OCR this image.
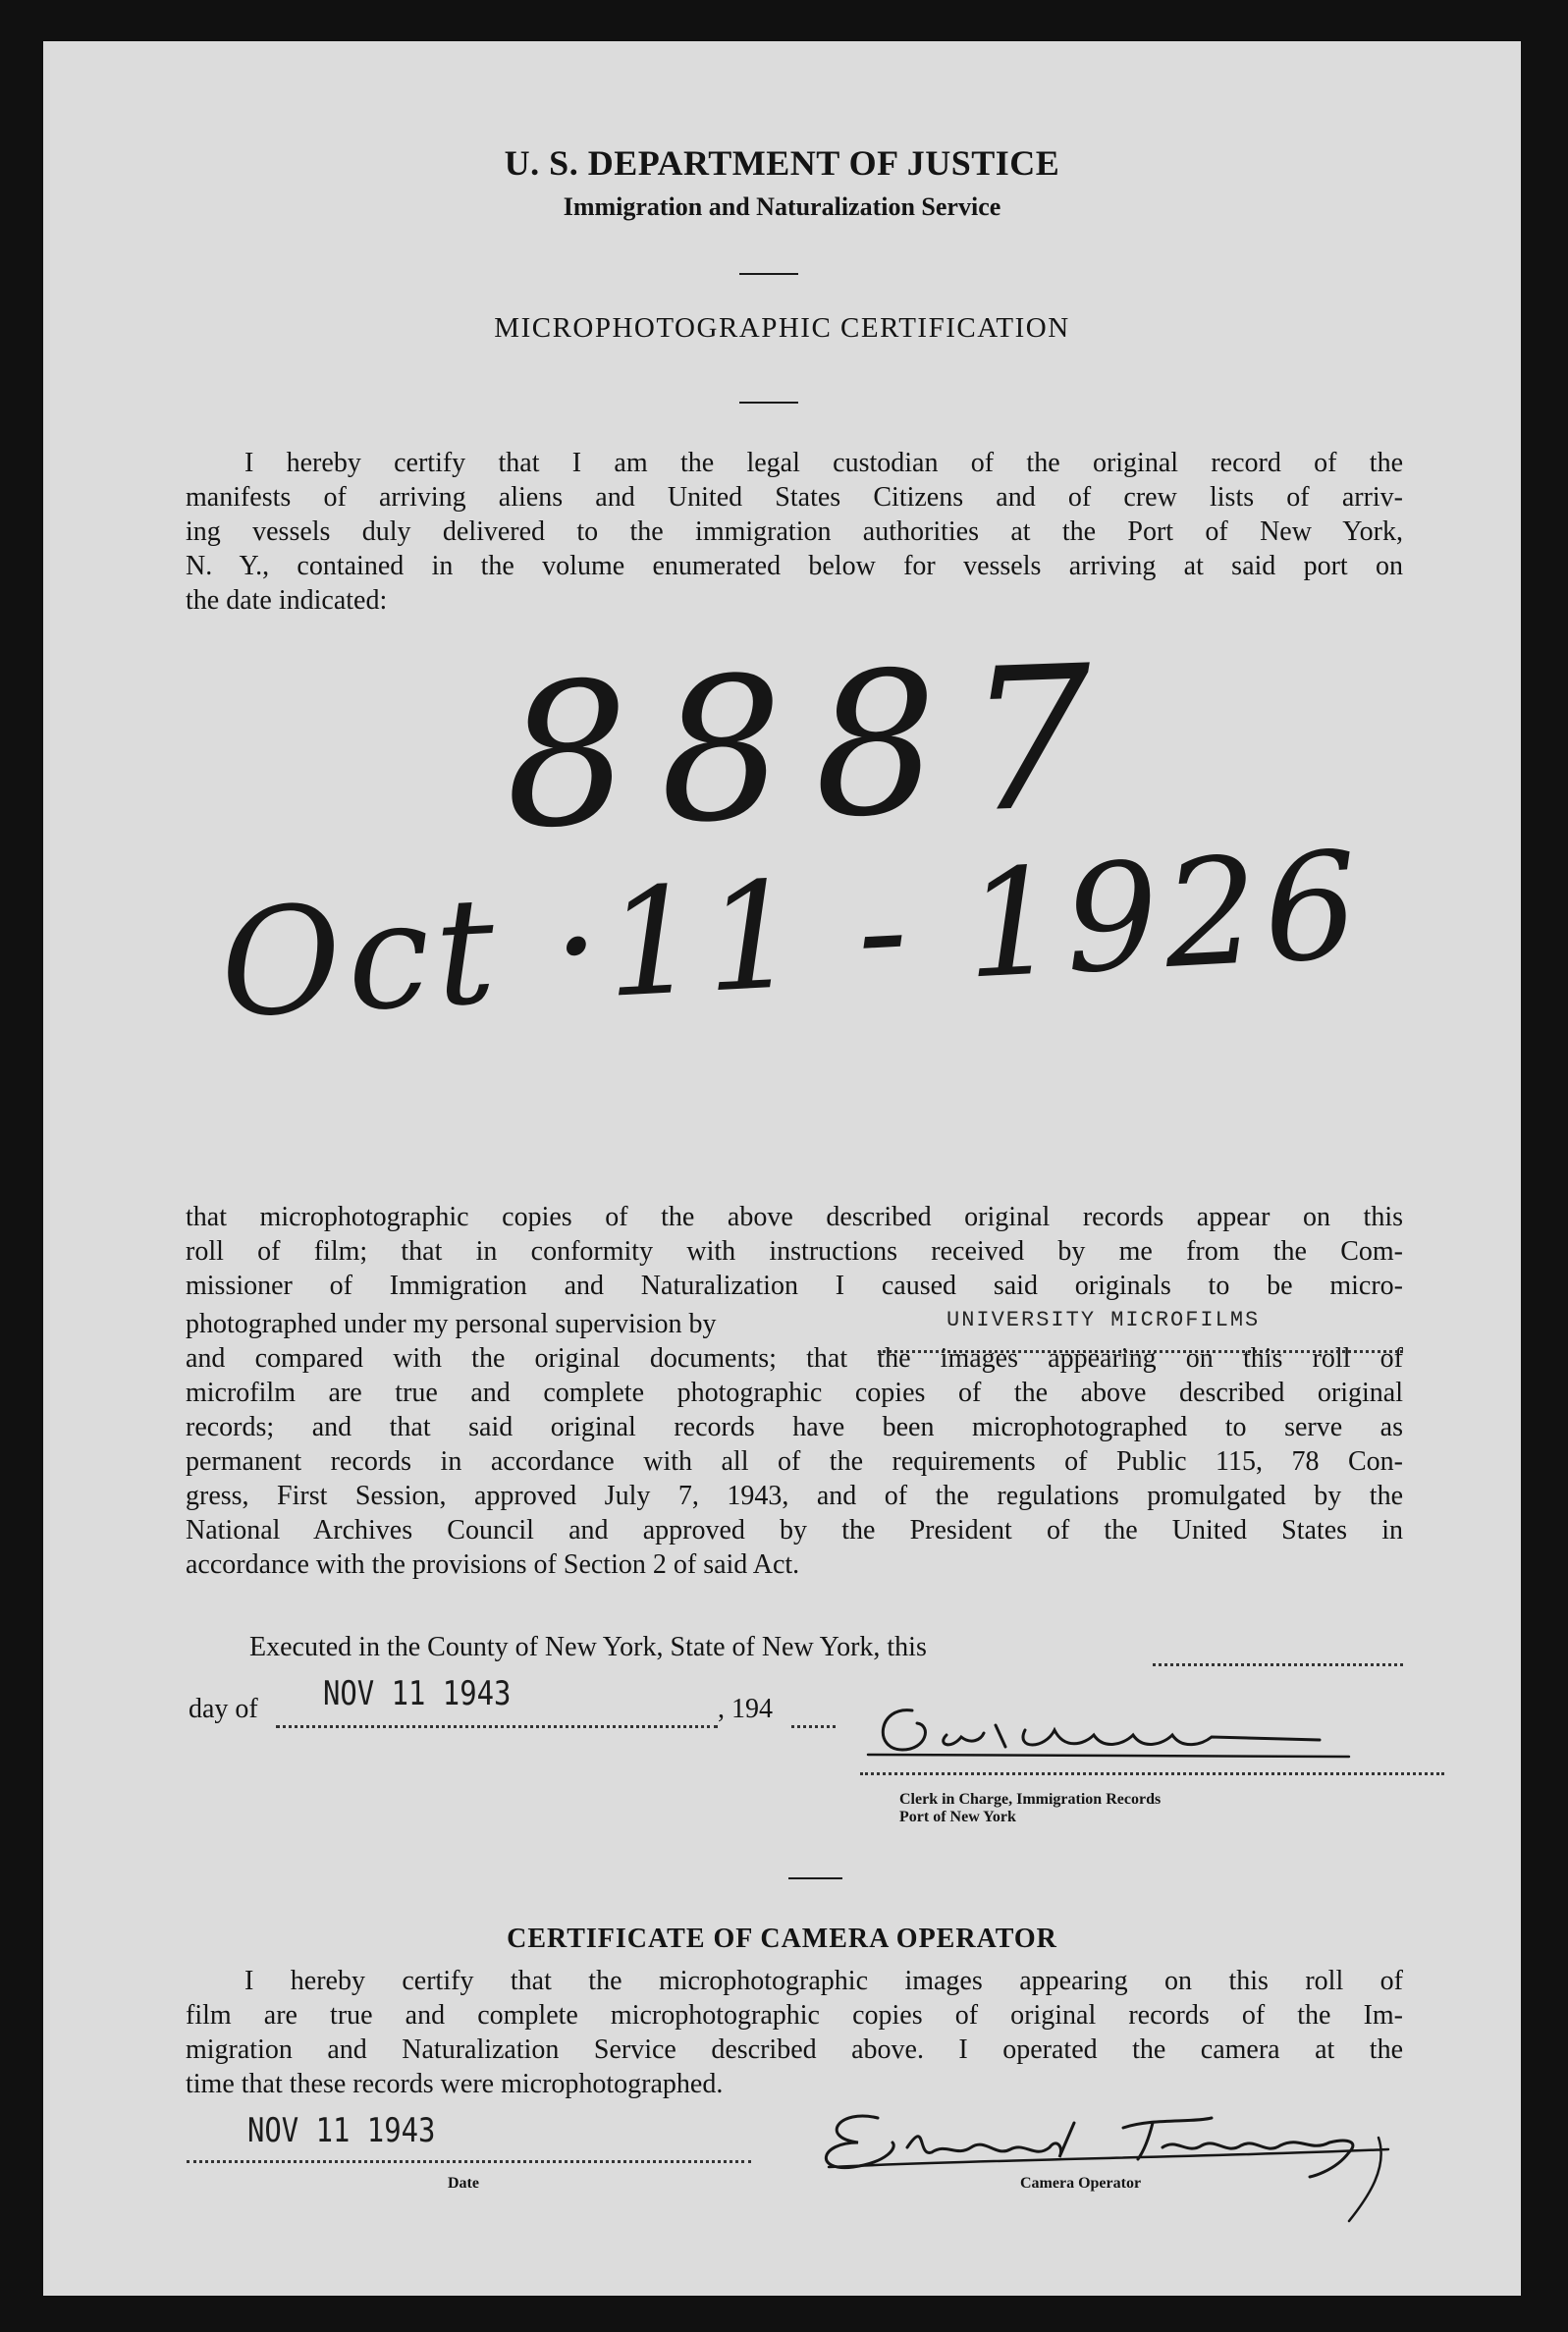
U. S. DEPARTMENT OF JUSTICE
Immigration and Naturalization Service
MICROPHOTOGRAPHIC CERTIFICATION
I hereby certify that I am the legal custodian of the original record of the
manifests of arriving aliens and United States Citizens and of crew lists of arriv-
ing vessels duly delivered to the immigration authorities at the Port of New York,
N. Y., contained in the volume enumerated below for vessels arriving at said port on
the date indicated:
8887
Oct ·11 - 1926
that microphotographic copies of the above described original records appear on this
roll of film; that in conformity with instructions received by me from the Com-
missioner of Immigration and Naturalization I caused said originals to be micro-
photographed under my personal supervision by
and compared with the original documents; that the images appearing on this roll of
microfilm are true and complete photographic copies of the above described original
records; and that said original records have been microphotographed to serve as
permanent records in accordance with all of the requirements of Public 115, 78 Con-
gress, First Session, approved July 7, 1943, and of the regulations promulgated by the
National Archives Council and approved by the President of the United States in
accordance with the provisions of Section 2 of said Act.
UNIVERSITY MICROFILMS
Executed in the County of New York, State of New York, this
day of NOV 11 1943	, 194
Clerk in Charge, Immigration Records
Port of New York
CERTIFICATE OF CAMERA OPERATOR
I hereby certify that the microphotographic images appearing on this roll of
film are true and complete microphotographic copies of original records of the Im-
migration and Naturalization Service described above. I operated the camera at the
time that these records were microphotographed.
NOV 11 1943
Date	Camera Operator
